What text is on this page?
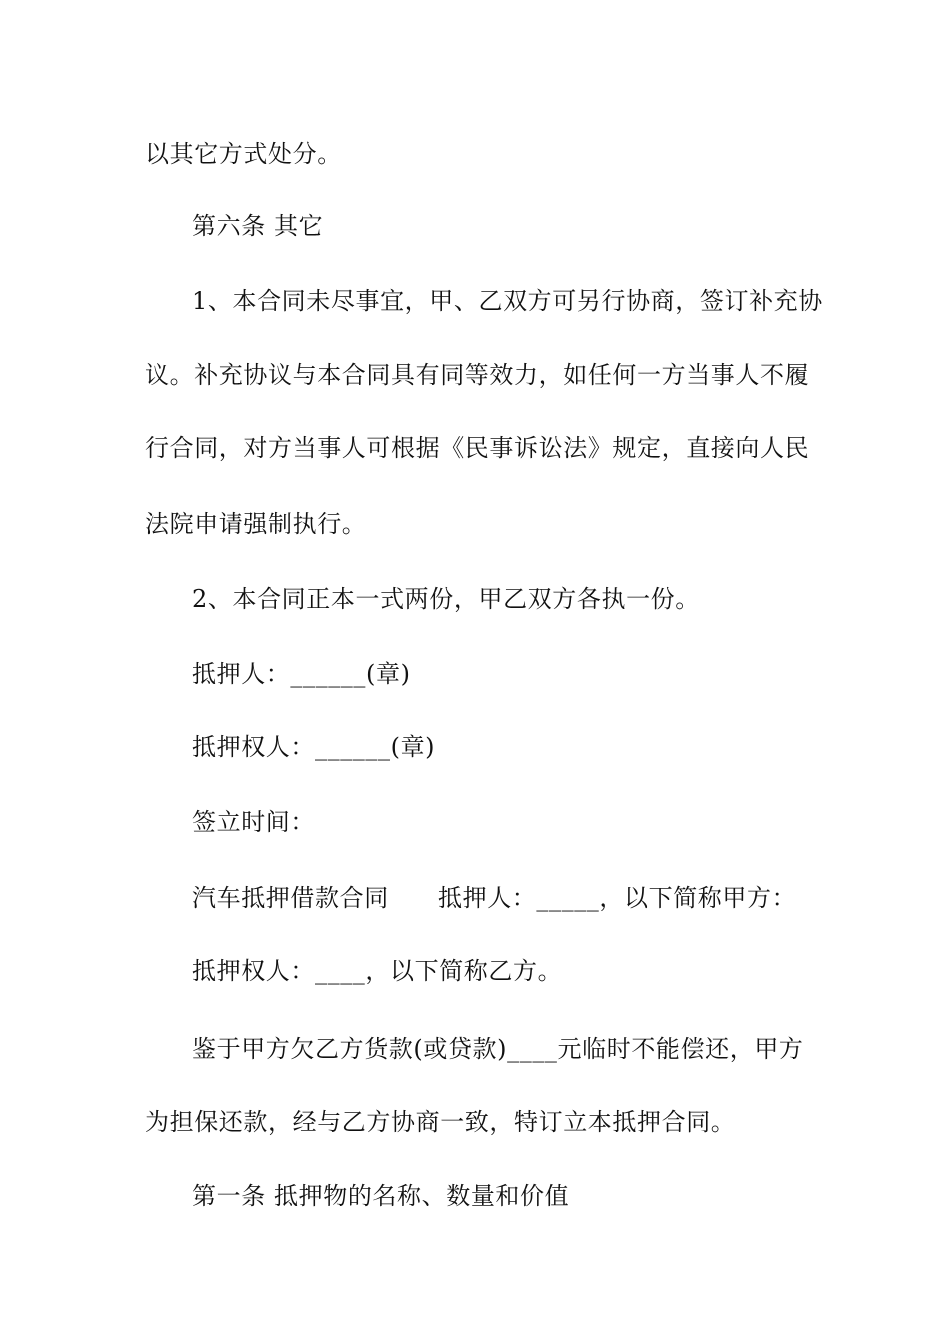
以其它方式处分。
第六条 其它
1、本合同未尽事宜，甲、乙双方可另行协商，签订补充协
议。补充协议与本合同具有同等效力，如任何一方当事人不履
行合同，对方当事人可根据《民事诉讼法》规定，直接向人民
法院申请强制执行。
2、本合同正本一式两份，甲乙双方各执一份。
抵押人：______(章)
抵押权人：______(章)
签立时间：
汽车抵押借款合同　　抵押人：_____，以下简称甲方：
抵押权人：____，以下简称乙方。
鉴于甲方欠乙方货款(或贷款)____元临时不能偿还，甲方
为担保还款，经与乙方协商一致，特订立本抵押合同。
第一条 抵押物的名称、数量和价值
